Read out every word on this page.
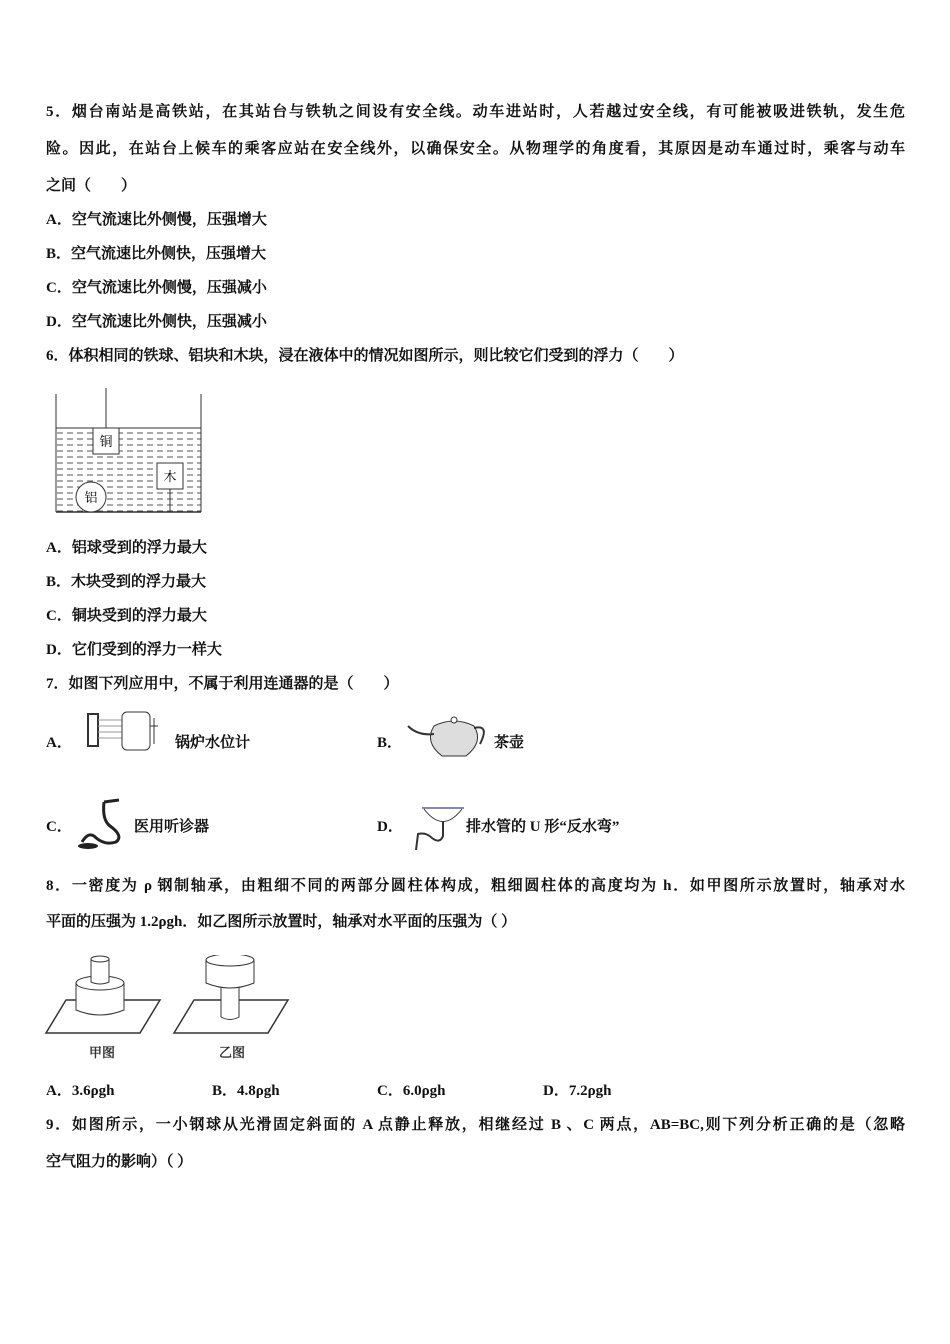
5．烟台南站是高铁站，在其站台与铁轨之间设有安全线。动车进站时，人若越过安全线，有可能被吸进铁轨，发生危
险。因此，在站台上候车的乘客应站在安全线外，以确保安全。从物理学的角度看，其原因是动车通过时，乘客与动车
之间（　　）
A．空气流速比外侧慢，压强增大
B．空气流速比外侧快，压强增大
C．空气流速比外侧慢，压强减小
D．空气流速比外侧快，压强减小
6．体积相同的铁球、铝块和木块，浸在液体中的情况如图所示，则比较它们受到的浮力（　　）
铜
木
铝
A．铝球受到的浮力最大
B．木块受到的浮力最大
C．铜块受到的浮力最大
D．它们受到的浮力一样大
7．如图下列应用中，不属于利用连通器的是（　　）
A．	锅炉水位计	B．	茶壶
C．	医用听诊器	D．	排水管的 U 形“反水弯”
8．一密度为 ρ 钢制轴承，由粗细不同的两部分圆柱体构成，粗细圆柱体的高度均为 h．如甲图所示放置时，轴承对水
平面的压强为 1.2ρgh．如乙图所示放置时，轴承对水平面的压强为（ ）
甲图	乙图
A．3.6ρgh	B．4.8ρgh	C．6.0ρgh	D．7.2ρgh
9．如图所示，一小钢球从光滑固定斜面的 A 点静止释放，相继经过 B 、C 两点，AB=BC,则下列分析正确的是（忽略
空气阻力的影响）（ ）
